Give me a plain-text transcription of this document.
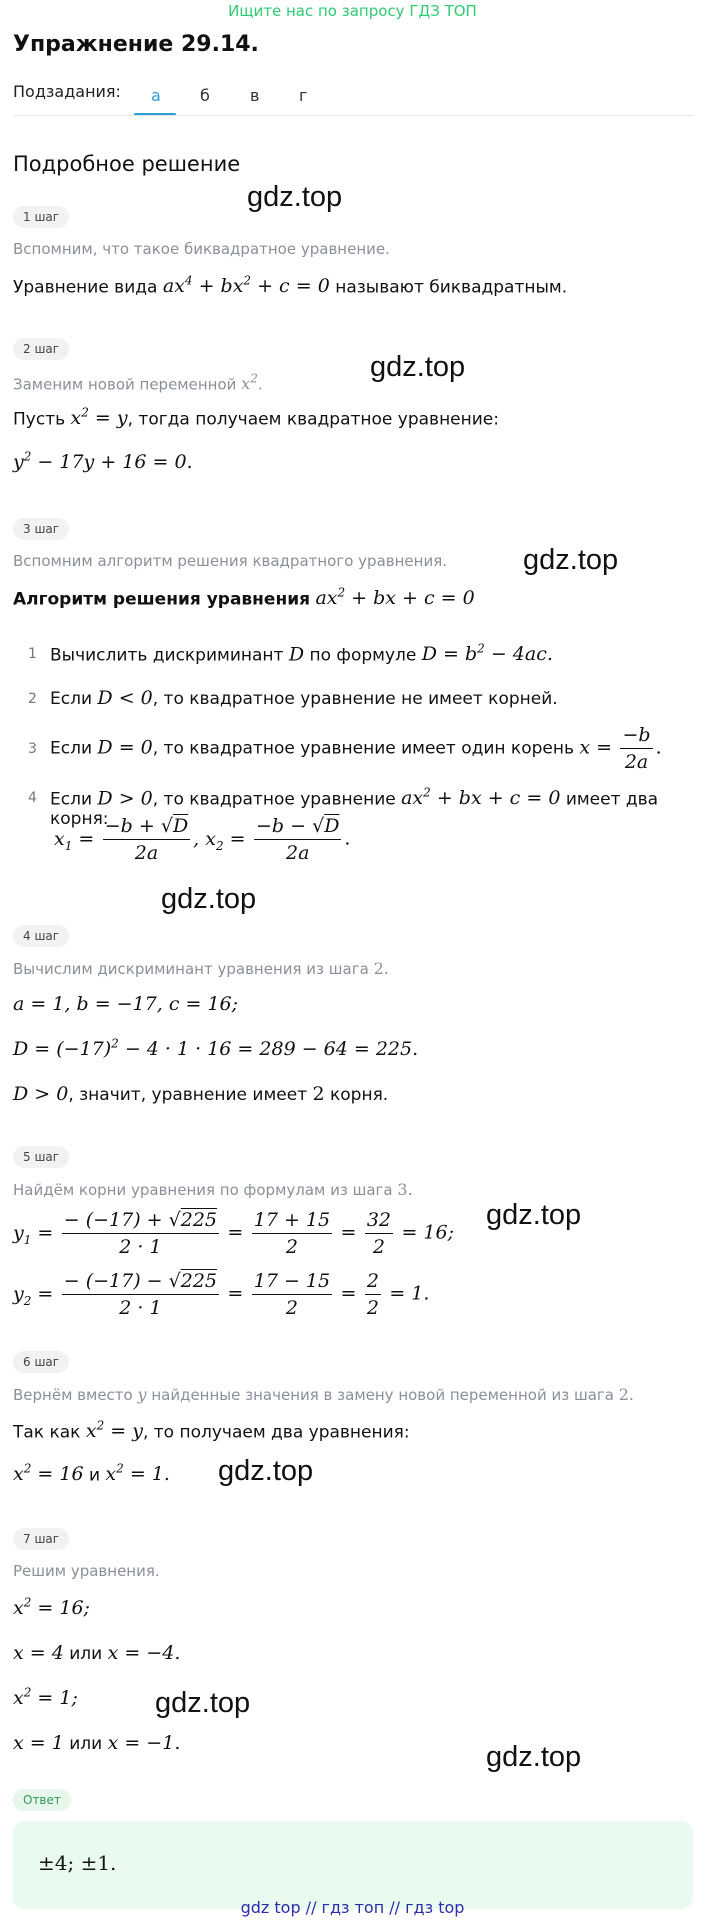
Ищите нас по запросу ГДЗ ТОП
Упражнение 29.14.
Подзадания: а б	в г
Подробное решение
gdz.top
gdz.top
gdz.top
gdz.top
gdz.top
gdz.top
gdz.top
gdz.top
1 шаг
Вспомним, что такое биквадратное уравнение.
Уравнение вида $ax^4 + bx^2 + c = 0$ называют биквадратным.
2 шаг
Заменим новой переменной $x^2$.
Пусть $x^2 = y$, тогда получаем квадратное уравнение:
$y^2 - 17y + 16 = 0$.
3 шаг
Вспомним алгоритм решения квадратного уравнения.
Алгоритм решения уравнения $ax^2$ + bx + c = 0
1 Вычислить дискриминант D по формуле $D = b^2 - 4ac$.
2 Если D < 0, то квадратное уравнение не имеет корней.
3 Если D = 0, то квадратное уравнение имеет один корень $x = \frac{-b}{2a}$ .
4 Если D > 0, то квадратное уравнение $ax^2$ + bx + c = 0 имеет два корня:
$x_1 = \frac{-b + √D}{2a}$ , $x_2 = \frac{-b - √D}{2a}$ .
4 шаг
Вычислим дискриминант уравнения из шага 2.
a = 1, b = −17, c = 16;
$D = (-17)^2 - 4 \cdot 1 \cdot 16 = 289 - 64 = 225$.
D > 0, значит, уравнение имеет 2 корня.
5 шаг
Найдём корни уравнения по формулам из шага 3.
$y_1 = \frac{- (-17) + √225}{2 \cdot 1} = \frac{17 + 15}{2} = \frac{32}{2} = 16$;
$y_2 = \frac{- (-17) - √225}{2 \cdot 1} = \frac{17 - 15}{2} = \frac{2}{2} = 1$.
6 шаг
Вернём вместо y найденные значения в замену новой переменной из шага 2.
Так как $x^2 = y$, то получаем два уравнения:
$x^2 = 16$ и $x^2 = 1$.
7 шаг
Решим уравнения.
$x^2 = 16$;
x = 4 или x = −4.
$x^2 = 1$;
x = 1 или x = −1.
Ответ
±4; ±1.
gdz top // гдз топ // гдз top
